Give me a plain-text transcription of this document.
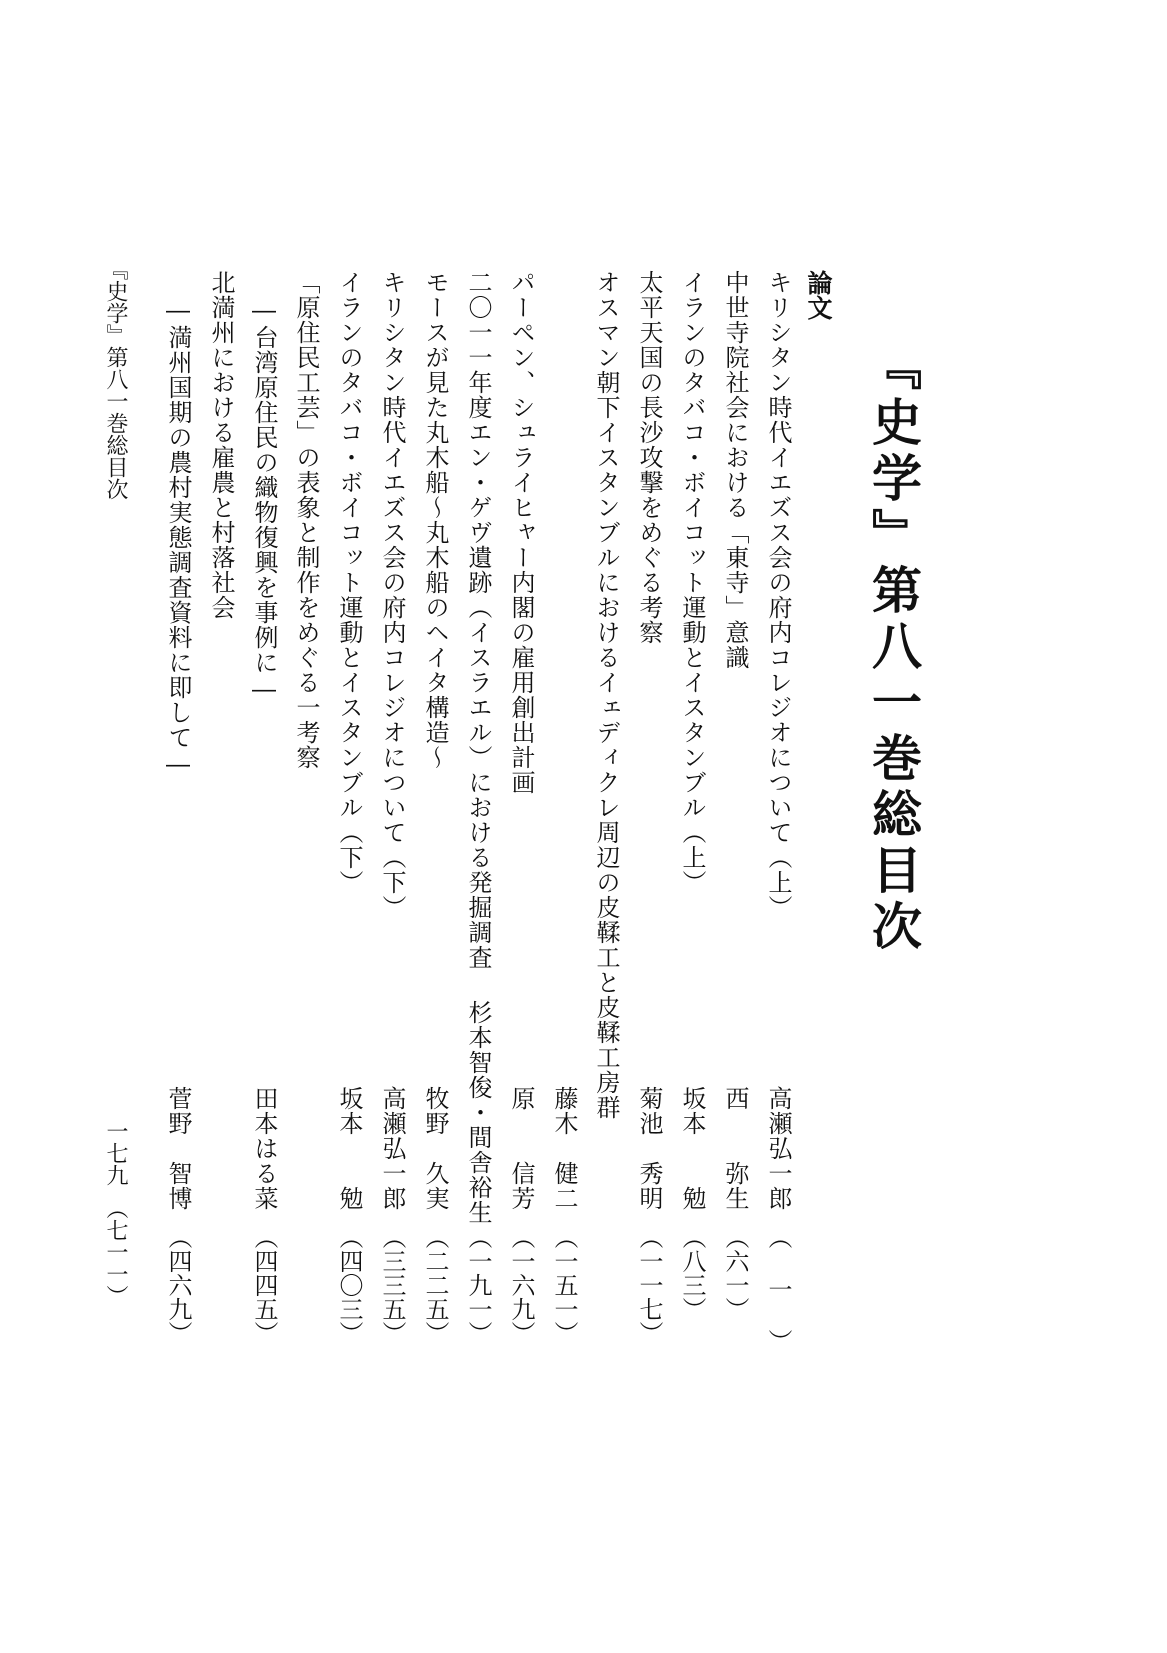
『史学』第八一巻総目次
論文
キリシタン時代イエズス会の府内コレジオについて（上）
高瀬弘一郎
（ 一 ）
中世寺院社会における「東寺」意識
西　　弥生
（六一）
イランのタバコ・ボイコット運動とイスタンブル（上）
坂本　　勉
（八三）
太平天国の長沙攻撃をめぐる考察
菊池　秀明
（一一七）
オスマン朝下イスタンブルにおけるイェディクレ周辺の皮鞣工と皮鞣工房群
藤木　健二
（一五一）
パーペン、シュライヒャー内閣の雇用創出計画
原　　信芳
（一六九）
二〇一一年度エン・ゲヴ遺跡（イスラエル）における発掘調査
杉本智俊・間舎裕生
（一九一）
モースが見た丸木船～丸木船のヘイタ構造～
牧野　久実
（二二五）
キリシタン時代イエズス会の府内コレジオについて（下）
高瀬弘一郎
（三三五）
イランのタバコ・ボイコット運動とイスタンブル（下）
坂本　　勉
（四〇三）
「原住民工芸」の表象と制作をめぐる一考察
―台湾原住民の織物復興を事例に―
田本はる菜
（四四五）
北満州における雇農と村落社会
―満州国期の農村実態調査資料に即して―
菅野　智博
（四六九）
『史学』第八一巻総目次
一七九　（七一一）
